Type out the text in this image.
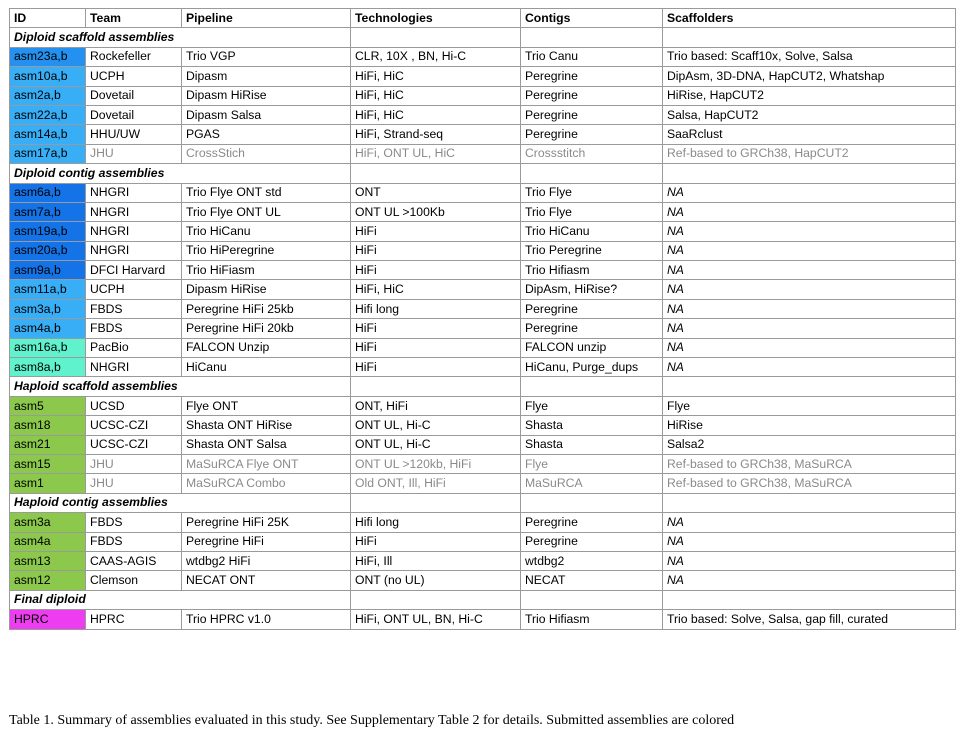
ID	Team	Pipeline	Technologies	Contigs	Scaffolders
Diploid scaffold assemblies					
asm23a,b	Rockefeller	Trio VGP	CLR, 10X , BN, Hi-C	Trio Canu	Trio based: Scaff10x, Solve, Salsa
asm10a,b	UCPH	Dipasm	HiFi, HiC	Peregrine	DipAsm, 3D-DNA, HapCUT2, Whatshap
asm2a,b	Dovetail	Dipasm HiRise	HiFi, HiC	Peregrine	HiRise, HapCUT2
asm22a,b	Dovetail	Dipasm Salsa	HiFi, HiC	Peregrine	Salsa, HapCUT2
asm14a,b	HHU/UW	PGAS	HiFi, Strand-seq	Peregrine	SaaRclust
asm17a,b	JHU	CrossStich	HiFi, ONT UL, HiC	Crossstitch	Ref-based to GRCh38, HapCUT2
Diploid contig assemblies					
asm6a,b	NHGRI	Trio Flye ONT std	ONT	Trio Flye	NA
asm7a,b	NHGRI	Trio Flye ONT UL	ONT UL >100Kb	Trio Flye	NA
asm19a,b	NHGRI	Trio HiCanu	HiFi	Trio HiCanu	NA
asm20a,b	NHGRI	Trio HiPeregrine	HiFi	Trio Peregrine	NA
asm9a,b	DFCI Harvard	Trio HiFiasm	HiFi	Trio Hifiasm	NA
asm11a,b	UCPH	Dipasm HiRise	HiFi, HiC	DipAsm, HiRise?	NA
asm3a,b	FBDS	Peregrine HiFi 25kb	Hifi long	Peregrine	NA
asm4a,b	FBDS	Peregrine HiFi 20kb	HiFi	Peregrine	NA
asm16a,b	PacBio	FALCON Unzip	HiFi	FALCON unzip	NA
asm8a,b	NHGRI	HiCanu	HiFi	HiCanu, Purge_dups	NA
Haploid scaffold assemblies					
asm5	UCSD	Flye ONT	ONT, HiFi	Flye	Flye
asm18	UCSC-CZI	Shasta ONT HiRise	ONT UL, Hi-C	Shasta	HiRise
asm21	UCSC-CZI	Shasta ONT Salsa	ONT UL, Hi-C	Shasta	Salsa2
asm15	JHU	MaSuRCA Flye ONT	ONT UL >120kb, HiFi	Flye	Ref-based to GRCh38, MaSuRCA
asm1	JHU	MaSuRCA Combo	Old ONT, Ill, HiFi	MaSuRCA	Ref-based to GRCh38, MaSuRCA
Haploid contig assemblies					
asm3a	FBDS	Peregrine HiFi 25K	Hifi long	Peregrine	NA
asm4a	FBDS	Peregrine HiFi	HiFi	Peregrine	NA
asm13	CAAS-AGIS	wtdbg2 HiFi	HiFi, Ill	wtdbg2	NA
asm12	Clemson	NECAT ONT	ONT (no UL)	NECAT	NA
Final diploid					
HPRC	HPRC	Trio HPRC v1.0	HiFi, ONT UL, BN, Hi-C	Trio Hifiasm	Trio based: Solve, Salsa, gap fill, curated
Table 1. Summary of assemblies evaluated in this study. See Supplementary Table 2 for details. Submitted assemblies are colored
